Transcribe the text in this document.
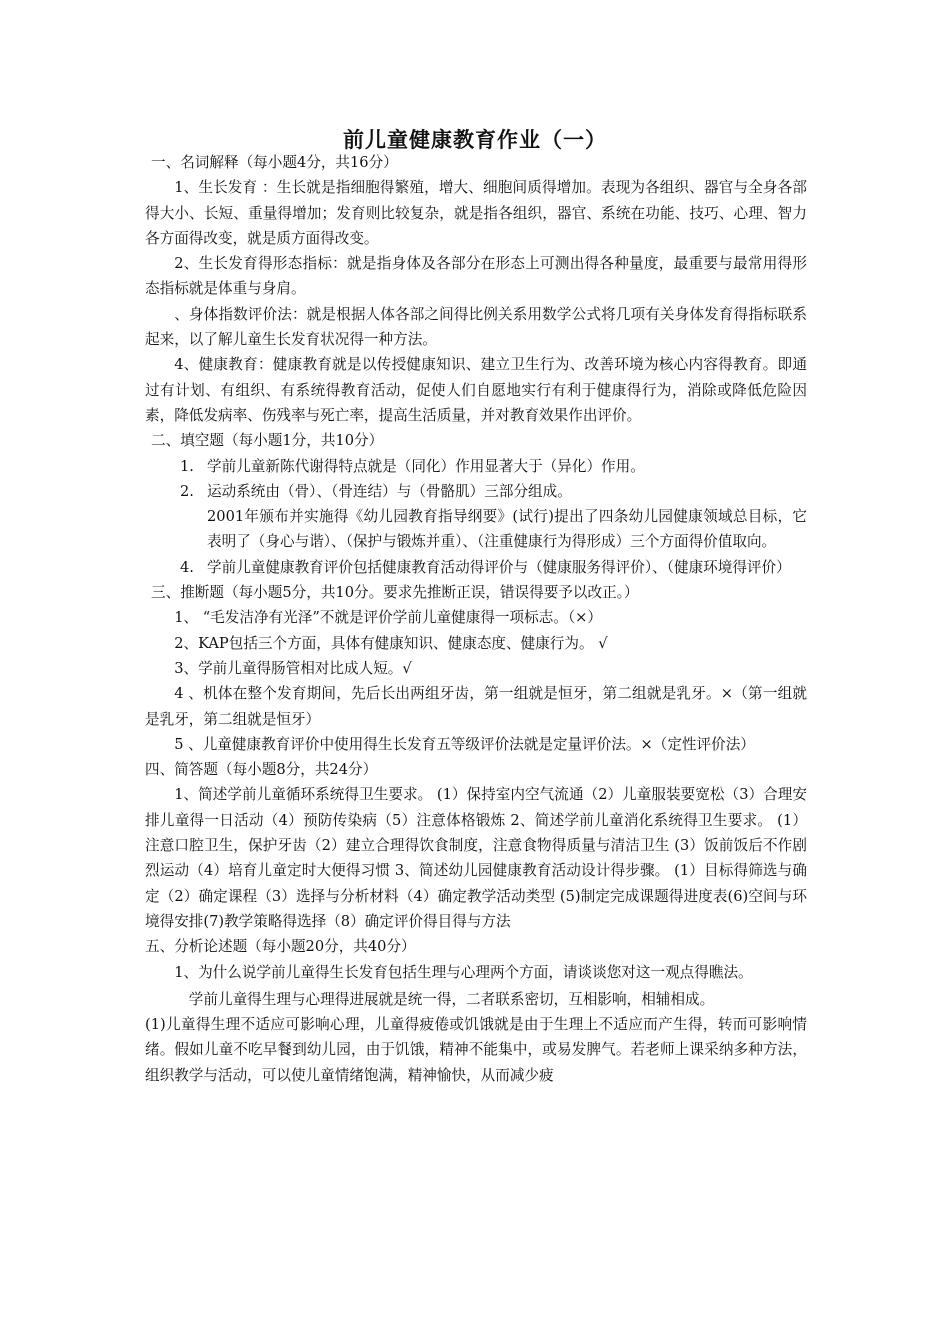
前儿童健康教育作业（一）

一、名词解释（每小题4分，共16分）

1、生长发育 ：生长就是指细胞得繁殖，增大、细胞间质得增加。表现为各组织、器官与全身各部得大小、长短、重量得增加；发育则比较复杂，就是指各组织，器官、系统在功能、技巧、心理、智力各方面得改变，就是质方面得改变。

2、生长发育得形态指标：就是指身体及各部分在形态上可测出得各种量度，最重要与最常用得形态指标就是体重与身肩。

、身体指数评价法：就是根据人体各部之间得比例关系用数学公式将几项有关身体发育得指标联系起来，以了解儿童生长发育状况得一种方法。

4、健康教育：健康教育就是以传授健康知识、建立卫生行为、改善环境为核心内容得教育。即通过有计划、有组织、有系统得教育活动，促使人们自愿地实行有利于健康得行为，消除或降低危险因素，降低发病率、伤残率与死亡率，提高生活质量，并对教育效果作出评价。

二、填空题（每小题1分，共10分）

1. 学前儿童新陈代谢得特点就是（同化）作用显著大于（异化）作用。
2. 运动系统由（骨）、（骨连结）与（骨骼肌）三部分组成。
2001年颁布并实施得《幼儿园教育指导纲要》(试行)提出了四条幼儿园健康领域总目标，它表明了（身心与谐）、（保护与锻炼并重）、（注重健康行为得形成）三个方面得价值取向。
4. 学前儿童健康教育评价包括健康教育活动得评价与（健康服务得评价）、（健康环境得评价）

三、推断题（每小题5分，共10分。要求先推断正误，错误得要予以改正。）

1、 “毛发洁净有光泽”不就是评价学前儿童健康得一项标志。（×）

2、KAP包括三个方面，具体有健康知识、健康态度、健康行为。 √

3、学前儿童得肠管相对比成人短。√

4 、机体在整个发育期间，先后长出两组牙齿，第一组就是恒牙，第二组就是乳牙。×（第一组就是乳牙，第二组就是恒牙）

5 、儿童健康教育评价中使用得生长发育五等级评价法就是定量评价法。×（定性评价法）

四、简答题（每小题8分，共24分）

1、简述学前儿童循环系统得卫生要求。 (1）保持室内空气流通（2）儿童服装要宽松（3）合理安排儿童得一日活动（4）预防传染病（5）注意体格锻炼 2、简述学前儿童消化系统得卫生要求。 (1）注意口腔卫生，保护牙齿（2）建立合理得饮食制度，注意食物得质量与清洁卫生 (3）饭前饭后不作剧烈运动（4）培育儿童定时大便得习惯 3、简述幼儿园健康教育活动设计得步骤。 (1）目标得筛选与确定（2）确定课程（3）选择与分析材料（4）确定教学活动类型 (5)制定完成课题得进度表(6)空间与环境得安排(7)教学策略得选择（8）确定评价得目得与方法

五、分析论述题（每小题20分，共40分）

1、为什么说学前儿童得生长发育包括生理与心理两个方面，请谈谈您对这一观点得瞧法。

学前儿童得生理与心理得进展就是统一得，二者联系密切，互相影响，相辅相成。

(1)儿童得生理不适应可影响心理，儿童得疲倦或饥饿就是由于生理上不适应而产生得，转而可影响情绪。假如儿童不吃早餐到幼儿园，由于饥饿，精神不能集中，或易发脾气。若老师上课采纳多种方法，组织教学与活动，可以使儿童情绪饱满，精神愉快，从而减少疲
